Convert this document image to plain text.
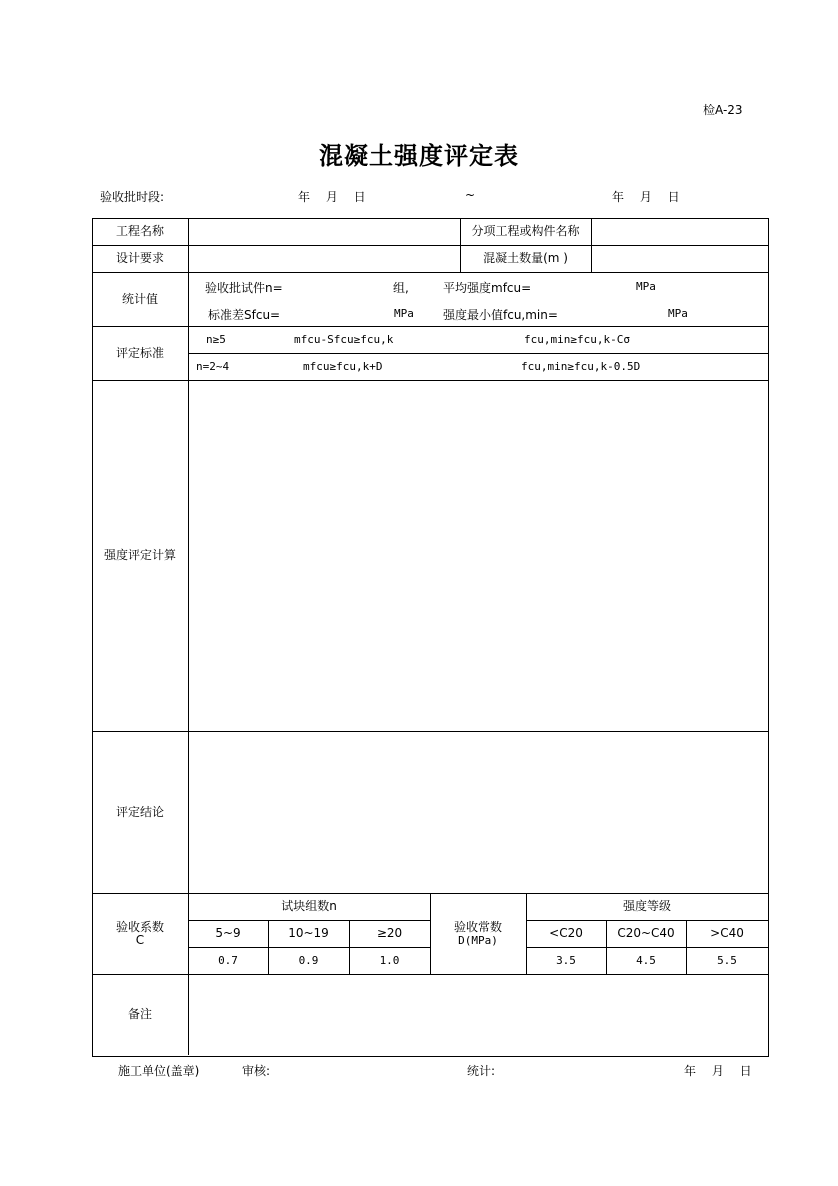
检A-23
混凝土强度评定表
验收批时段:	年 月 日	~	年 月 日
工程名称	分项工程或构件名称
设计要求	混凝土数量(m )
统计值
验收批试件n=	组,	平均强度mfcu=	MPa
标准差Sfcu=	MPa 强度最小值fcu,min=	MPa
评定标准
n≥5	mfcu-Sfcu≥fcu,k	fcu,min≥fcu,k-Cσ
n=2~4	mfcu≥fcu,k+D	fcu,min≥fcu,k-0.5D
强度评定计算
评定结论
验收系数
C
试块组数n
5~9	10~19	≥20
0.7	0.9	1.0
验收常数
D(MPa)
强度等级
<C20	C20~C40	>C40
3.5	4.5	5.5
备注
施工单位(盖章)	审核:	统计:	年 月 日
